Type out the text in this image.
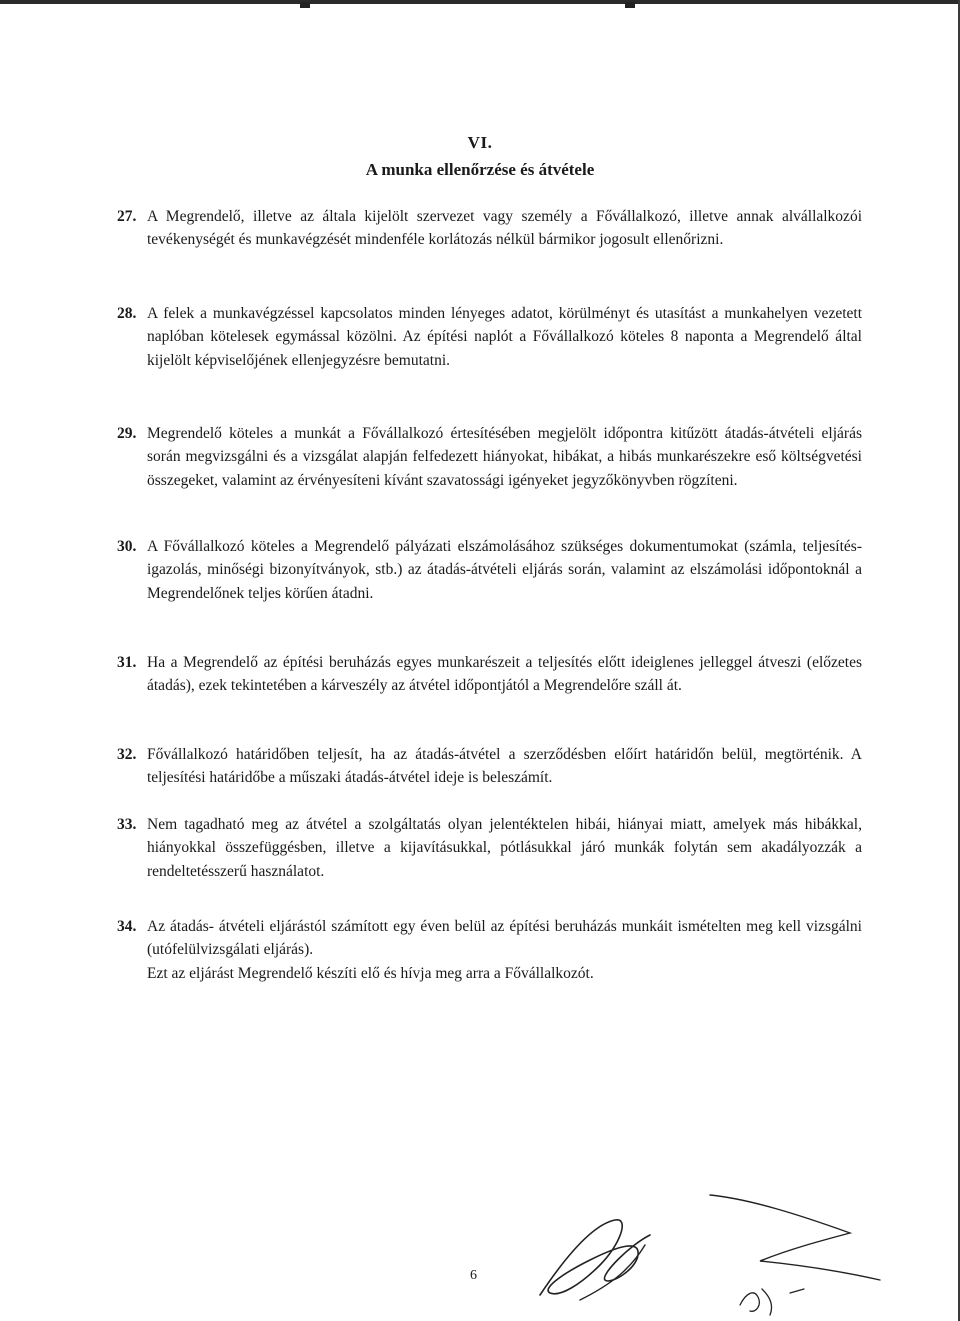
VI.
A munka ellenőrzése és átvétele
27. A Megrendelő, illetve az általa kijelölt szervezet vagy személy a Fővállalkozó, illetve annak alvállalkozói tevékenységét és munkavégzését mindenféle korlátozás nélkül bármikor jogosult ellenőrizni.
28. A felek a munkavégzéssel kapcsolatos minden lényeges adatot, körülményt és utasítást a munkahelyen vezetett naplóban kötelesek egymással közölni. Az építési naplót a Fővállalkozó köteles 8 naponta a Megrendelő által kijelölt képviselőjének ellenjegyzésre bemutatni.
29. Megrendelő köteles a munkát a Fővállalkozó értesítésében megjelölt időpontra kitűzött átadás-átvételi eljárás során megvizsgálni és a vizsgálat alapján felfedezett hiányokat, hibákat, a hibás munkarészekre eső költségvetési összegeket, valamint az érvényesíteni kívánt szavatossági igényeket jegyzőkönyvben rögzíteni.
30. A Fővállalkozó köteles a Megrendelő pályázati elszámolásához szükséges dokumentumokat (számla, teljesítés-igazolás, minőségi bizonyítványok, stb.) az átadás-átvételi eljárás során, valamint az elszámolási időpontoknál a Megrendelőnek teljes körűen átadni.
31. Ha a Megrendelő az építési beruházás egyes munkarészeit a teljesítés előtt ideiglenes jelleggel átveszi (előzetes átadás), ezek tekintetében a kárveszély az átvétel időpontjától a Megrendelőre száll át.
32. Fővállalkozó határidőben teljesít, ha az átadás-átvétel a szerződésben előírt határidőn belül, megtörténik. A teljesítési határidőbe a műszaki átadás-átvétel ideje is beleszámít.
33. Nem tagadható meg az átvétel a szolgáltatás olyan jelentéktelen hibái, hiányai miatt, amelyek más hibákkal, hiányokkal összefüggésben, illetve a kijavításukkal, pótlásukkal járó munkák folytán sem akadályozzák a rendeltetésszerű használatot.
34. Az átadás- átvételi eljárástól számított egy éven belül az építési beruházás munkáit ismételten meg kell vizsgálni (utófelülvizsgálati eljárás).
Ezt az eljárást Megrendelő készíti elő és hívja meg arra a Fővállalkozót.
6
